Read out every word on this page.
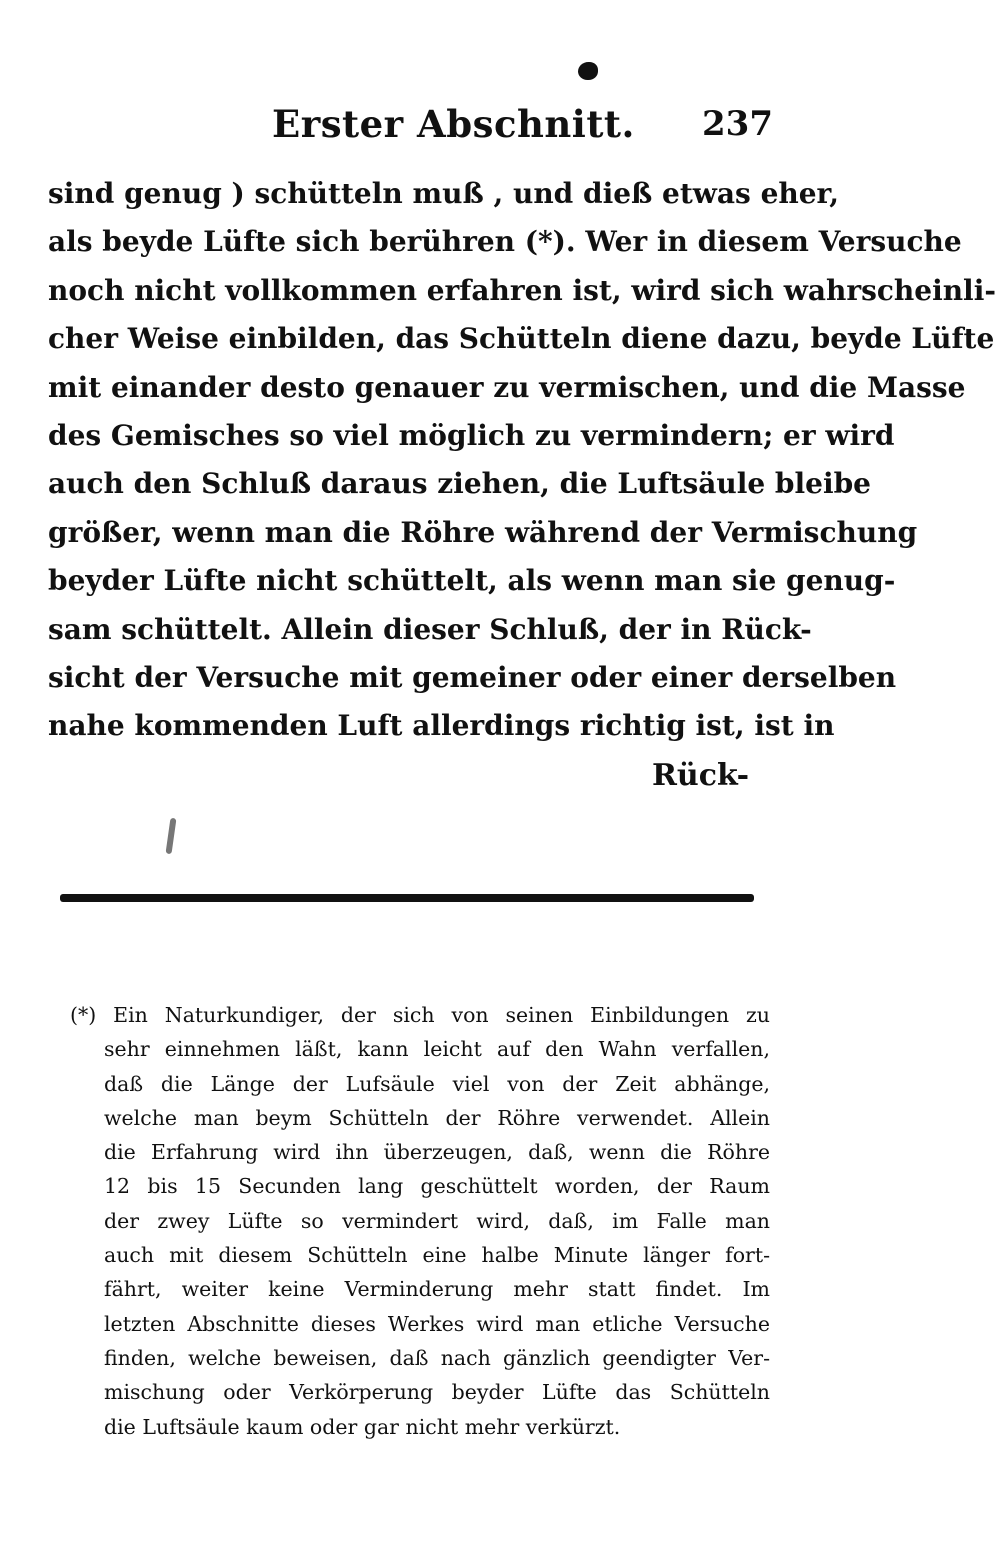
Erster Abschnitt. 237
sind genug ) schütteln muß , und dieß etwas eher,
als beyde Lüfte sich berühren (*). Wer in diesem Versuche
noch nicht vollkommen erfahren ist, wird sich wahrscheinli-
cher Weise einbilden, das Schütteln diene dazu, beyde Lüfte
mit einander desto genauer zu vermischen, und die Masse
des Gemisches so viel möglich zu vermindern; er wird
auch den Schluß daraus ziehen, die Luftsäule bleibe
größer, wenn man die Röhre während der Vermischung
beyder Lüfte nicht schüttelt, als wenn man sie genug-
sam schüttelt. Allein dieser Schluß, der in Rück-
sicht der Versuche mit gemeiner oder einer derselben
nahe kommenden Luft allerdings richtig ist, ist in
Rück-
(*) Ein Naturkundiger, der sich von seinen Einbildungen zu
sehr einnehmen läßt, kann leicht auf den Wahn verfallen,
daß die Länge der Lufsäule viel von der Zeit abhänge,
welche man beym Schütteln der Röhre verwendet. Allein
die Erfahrung wird ihn überzeugen, daß, wenn die Röhre
12 bis 15 Secunden lang geschüttelt worden, der Raum
der zwey Lüfte so vermindert wird, daß, im Falle man
auch mit diesem Schütteln eine halbe Minute länger fort-
fährt, weiter keine Verminderung mehr statt findet. Im
letzten Abschnitte dieses Werkes wird man etliche Versuche
finden, welche beweisen, daß nach gänzlich geendigter Ver-
mischung oder Verkörperung beyder Lüfte das Schütteln
die Luftsäule kaum oder gar nicht mehr verkürzt.
